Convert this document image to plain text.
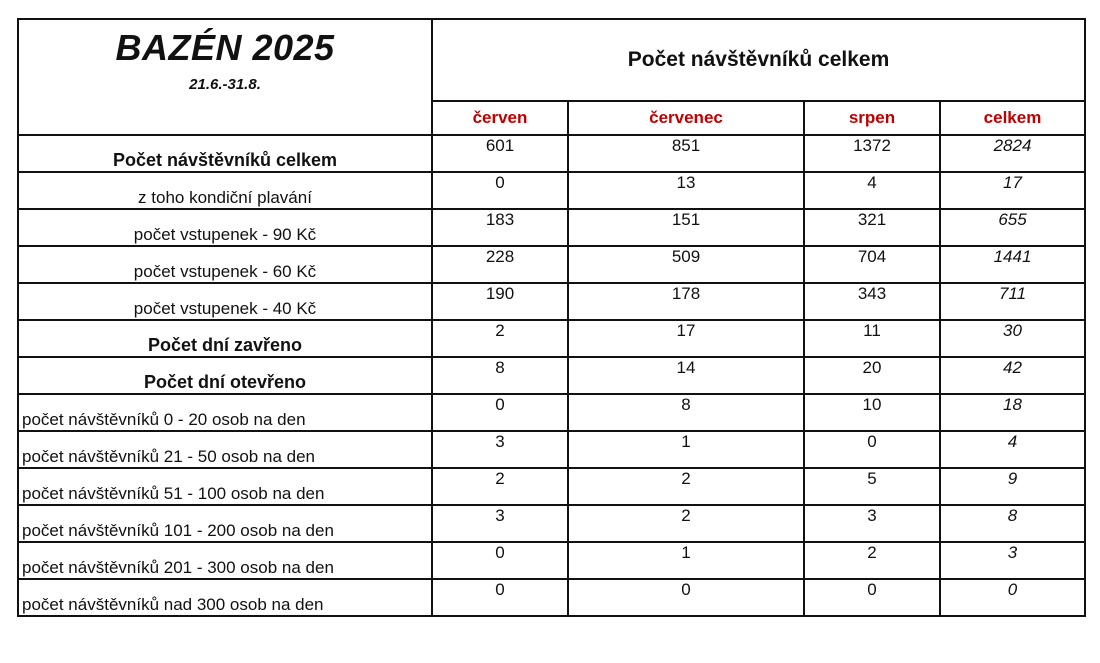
BAZÉN 2025
21.6.-31.8.	Počet návštěvníků celkem			
	červen	červenec	srpen	celkem
Počet návštěvníků celkem	601	851	1372	2824
z toho kondiční plavání	0	13	4	17
počet vstupenek - 90 Kč	183	151	321	655
počet vstupenek - 60 Kč	228	509	704	1441
počet vstupenek - 40 Kč	190	178	343	711
Počet dní zavřeno	2	17	11	30
Počet dní otevřeno	8	14	20	42
počet návštěvníků 0 - 20 osob na den	0	8	10	18
počet návštěvníků 21 - 50 osob na den	3	1	0	4
počet návštěvníků 51 - 100 osob na den	2	2	5	9
počet návštěvníků 101 - 200 osob na den	3	2	3	8
počet návštěvníků 201 - 300 osob na den	0	1	2	3
počet návštěvníků nad 300 osob na den	0	0	0	0
